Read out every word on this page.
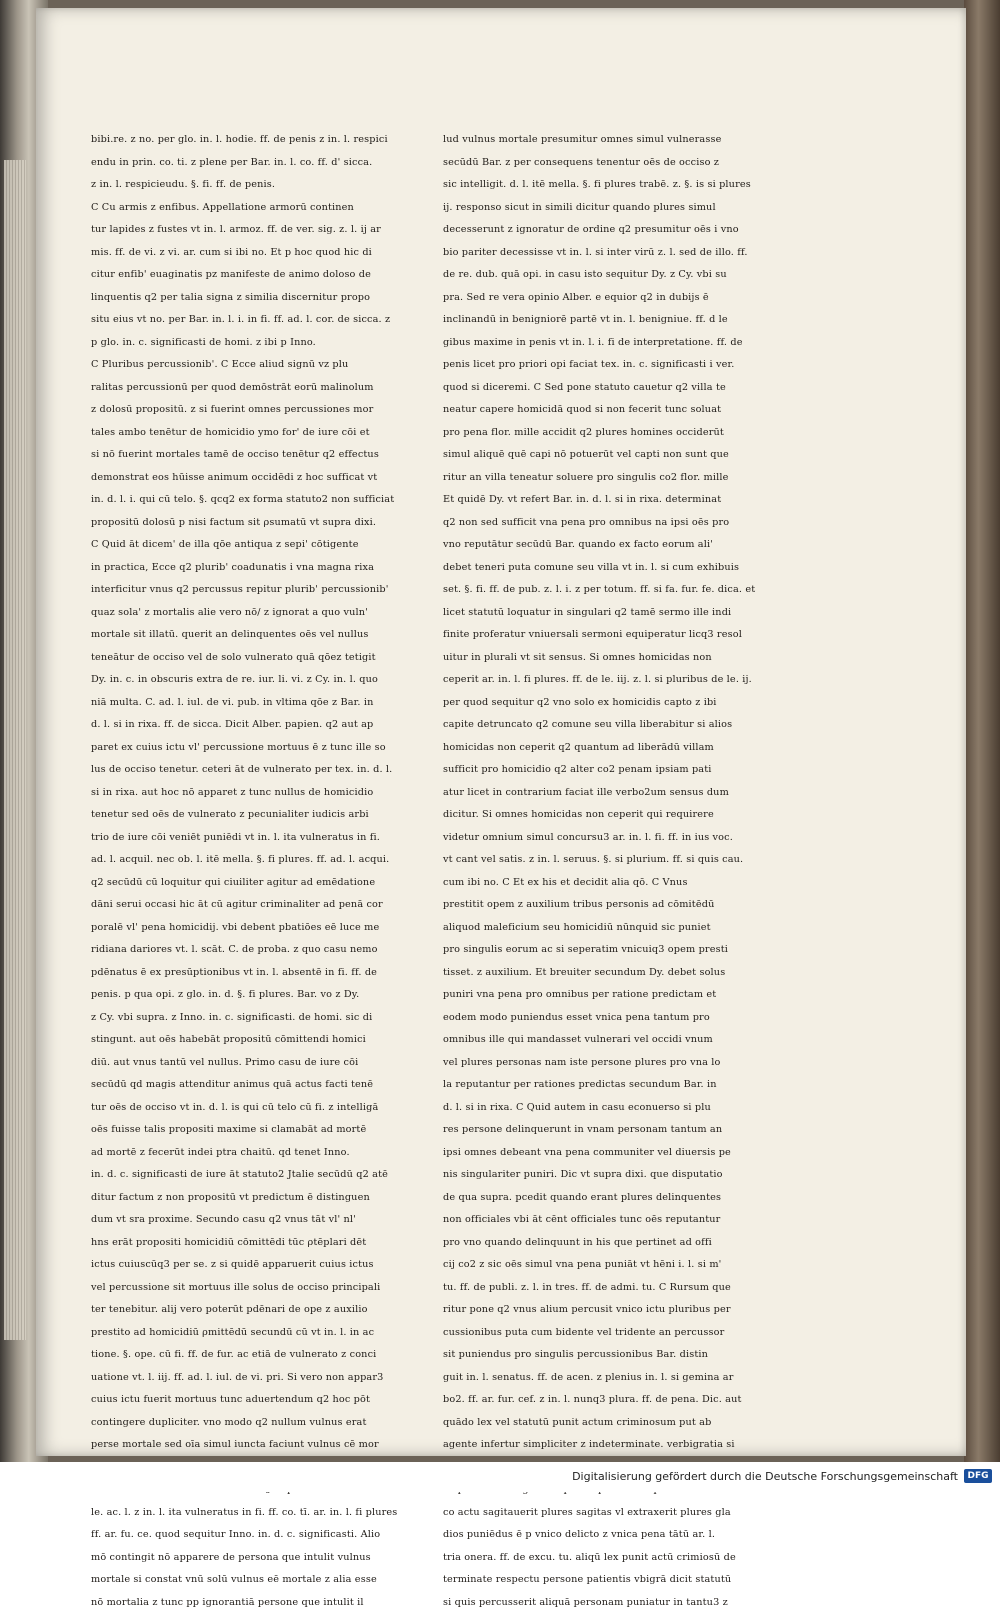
bibi.re. z no. per glo. in. l. hodie. ff. de penis z in. l. respici
endu in prin. co. ti. z plene per Bar. in. l. co. ff. d' sicca.
z in. l. respicieudu. §. fi. ff. de penis.
C Cu armis z enfibus. Appellatione armorū continen
tur lapides z fustes vt in. l. armoz. ff. de ver. sig. z. l. ij ar
mis. ff. de vi. z vi. ar. cum si ibi no. Et p hoc quod hic di
citur enfib' euaginatis pz manifeste de animo doloso de
linquentis q2 per talia signa z similia discernitur propo
situ eius vt no. per Bar. in. l. i. in fi. ff. ad. l. cor. de sicca. z
p glo. in. c. significasti de homi. z ibi p Inno.
C Pluribus percussionib'. C Ecce aliud signū vz plu
ralitas percussionū per quod demōstrāt eorū malinolum
z dolosū propositū. z si fuerint omnes percussiones mor
tales ambo tenētur de homicidio ymo for' de iure cōi et
si nō fuerint mortales tamē de occiso tenētur q2 effectus
demonstrat eos hūisse animum occidēdi z hoc sufficat vt
in. d. l. i. qui cū telo. §. qcq2 ex forma statuto2 non sufficiat
propositū dolosū p nisi factum sit ρsumatū vt supra dixi.
C Quid āt dicem' de illa qōe antiqua z sepi' cōtigente
in practica, Ecce q2 plurib' coadunatis i vna magna rixa
interficitur vnus q2 percussus repitur plurib' percussionib'
quaz sola' z mortalis alie vero nō/ z ignorat a quo vuln'
mortale sit illatū. querit an delinquentes oēs vel nullus
teneātur de occiso vel de solo vulnerato quā qōez tetigit
Dy. in. c. in obscuris extra de re. iur. li. vi. z Cy. in. l. quo
niā multa. C. ad. l. iul. de vi. pub. in vltima qōe z Bar. in
d. l. si in rixa. ff. de sicca. Dicit Alber. papien. q2 aut ap
paret ex cuius ictu vl' percussione mortuus ē z tunc ille so
lus de occiso tenetur. ceteri āt de vulnerato per tex. in. d. l.
si in rixa. aut hoc nō apparet z tunc nullus de homicidio
tenetur sed oēs de vulnerato z pecunialiter iudicis arbi
trio de iure cōi veniēt puniēdi vt in. l. ita vulneratus in fi.
ad. l. acquil. nec ob. l. itē mella. §. fi plures. ff. ad. l. acqui.
q2 secūdū cū loquitur qui ciuiliter agitur ad emēdatione
dāni serui occasi hic āt cū agitur criminaliter ad penā cor
poralē vl' pena homicidij. vbi debent pbatiōes eē luce me
ridiana dariores vt. l. scāt. C. de proba. z quo casu nemo
pdēnatus ē ex presūptionibus vt in. l. absentē in fi. ff. de
penis. p qua opi. z glo. in. d. §. fi plures. Bar. vo z Dy.
z Cy. vbi supra. z Inno. in. c. significasti. de homi. sic di
stingunt. aut oēs habebāt propositū cōmittendi homici
diū. aut vnus tantū vel nullus. Primo casu de iure cōi
secūdū qd magis attenditur animus quā actus facti tenē
tur oēs de occiso vt in. d. l. is qui cū telo cū fi. z intelligā
oēs fuisse talis propositi maxime si clamabāt ad mortē
ad mortē z fecerūt indei ptra chaitū. qd tenet Inno.
in. d. c. significasti de iure āt statuto2 Jtalie secūdū q2 atē
ditur factum z non propositū vt predictum ē distinguen
dum vt sra proxime. Secundo casu q2 vnus tāt vl' nl'
hns erāt propositi homicidiū cōmittēdi tūc ρtēplari dēt
ictus cuiuscūq3 per se. z si quidē apparuerit cuius ictus
vel percussione sit mortuus ille solus de occiso principali
ter tenebitur. alij vero poterūt pdēnari de ope z auxilio
prestito ad homicidiū ρmittēdū secundū cū vt in. l. in ac
tione. §. ope. cū fi. ff. de fur. ac etiā de vulnerato z conci
uatione vt. l. iij. ff. ad. l. iul. de vi. pri. Si vero non appar3
cuius ictu fuerit mortuus tunc aduertendum q2 hoc pōt
contingere dupliciter. vno modo q2 nullum vulnus erat
perse mortale sed oīa simul iuncta faciunt vulnus cē mor
le. ac. l. z in. l. ita vulneratus in fi. ff. co. tī. ar. in. l. fi plures
ff. ar. fu. ce. quod sequitur Inno. in. d. c. significasti. Alio
mō contingit nō apparere de persona que intulit vulnus
mortale si constat vnū solū vulnus eē mortale z alia esse
nō mortalia z tunc pp ignorantiā persone que intulit il
lud vulnus mortale presumitur omnes simul vulnerasse
secūdū Bar. z per consequens tenentur oēs de occiso z
sic intelligit. d. l. itē mella. §. fi plures trabē. z. §. is si plures
ij. responso sicut in simili dicitur quando plures simul
decesserunt z ignoratur de ordine q2 presumitur oēs i vno
bio pariter decessisse vt in. l. si inter virū z. l. sed de illo. ff.
de re. dub. quā opi. in casu isto sequitur Dy. z Cy. vbi su
pra. Sed re vera opinio Alber. e equior q2 in dubijs ē
inclinandū in benigniorē partē vt in. l. benigniue. ff. d le
gibus maxime in penis vt in. l. i. fi de interpretatione. ff. de
penis licet pro priori opi faciat tex. in. c. significasti i ver.
quod si diceremi. C Sed pone statuto cauetur q2 villa te
neatur capere homicidā quod si non fecerit tunc soluat
pro pena flor. mille accidit q2 plures homines occiderūt
simul aliquē quē capi nō potuerūt vel capti non sunt que
ritur an villa teneatur soluere pro singulis co2 flor. mille
Et quidē Dy. vt refert Bar. in. d. l. si in rixa. determinat
q2 non sed sufficit vna pena pro omnibus na ipsi oēs pro
vno reputātur secūdū Bar. quando ex facto eorum ali'
debet teneri puta comune seu villa vt in. l. si cum exhibuis
set. §. fi. ff. de pub. z. l. i. z per totum. ff. si fa. fur. fe. dica. et
licet statutū loquatur in singulari q2 tamē sermo ille indi
finite proferatur vniuersali sermoni equiperatur licq3 resol
uitur in plurali vt sit sensus. Si omnes homicidas non
ceperit ar. in. l. fi plures. ff. de le. iij. z. l. si pluribus de le. ij.
per quod sequitur q2 vno solo ex homicidis capto z ibi
capite detruncato q2 comune seu villa liberabitur si alios
homicidas non ceperit q2 quantum ad liberādū villam
sufficit pro homicidio q2 alter co2 penam ipsiam pati
atur licet in contrarium faciat ille verbo2um sensus dum
dicitur. Si omnes homicidas non ceperit qui requirere
videtur omnium simul concursu3 ar. in. l. fi. ff. in ius voc.
vt cant vel satis. z in. l. seruus. §. si plurium. ff. si quis cau.
cum ibi no. C Et ex his et decidit alia qō. C Vnus
prestitit opem z auxilium tribus personis ad cōmitēdū
aliquod maleficium seu homicidiū nūnquid sic puniet
pro singulis eorum ac si seperatim vnicuiq3 opem presti
tisset. z auxilium. Et breuiter secundum Dy. debet solus
puniri vna pena pro omnibus per ratione predictam et
eodem modo puniendus esset vnica pena tantum pro
omnibus ille qui mandasset vulnerari vel occidi vnum
vel plures personas nam iste persone plures pro vna lo
la reputantur per rationes predictas secundum Bar. in
d. l. si in rixa. C Quid autem in casu econuerso si plu
res persone delinquerunt in vnam personam tantum an
ipsi omnes debeant vna pena communiter vel diuersis pe
nis singulariter puniri. Dic vt supra dixi. que disputatio
de qua supra. pcedit quando erant plures delinquentes
non officiales vbi āt cēnt officiales tunc oēs reputantur
pro vno quando delinquunt in his que pertinet ad offi
cij co2 z sic oēs simul vna pena puniāt vt hēni i. l. si m'
tu. ff. de publi. z. l. in tres. ff. de admi. tu. C Rursum que
ritur pone q2 vnus alium percusit vnico ictu pluribus per
cussionibus puta cum bidente vel tridente an percussor
sit puniendus pro singulis percussionibus Bar. distin
guit in. l. senatus. ff. de acen. z plenius in. l. si gemina ar
bo2. ff. ar. fur. cef. z in. l. nunq3 plura. ff. de pena. Dic. aut
quādo lex vel statutū punit actum criminosum put ab
agente infertur simpliciter z indeterminate. verbigratia si
co actu sagitauerit plures sagitas vl extraxerit plures gla
dios puniēdus ē p vnico delicto z vnica pena tātū ar. l.
tria onera. ff. de excu. tu. aliqū lex punit actū crimiosū de
terminate respectu persone patientis vbigrā dicit statutū
si quis percusserit aliquā personam puniatur in tantu3 z
Digitalisierung gefördert durch die Deutsche Forschungsgemeinschaft	DFG
